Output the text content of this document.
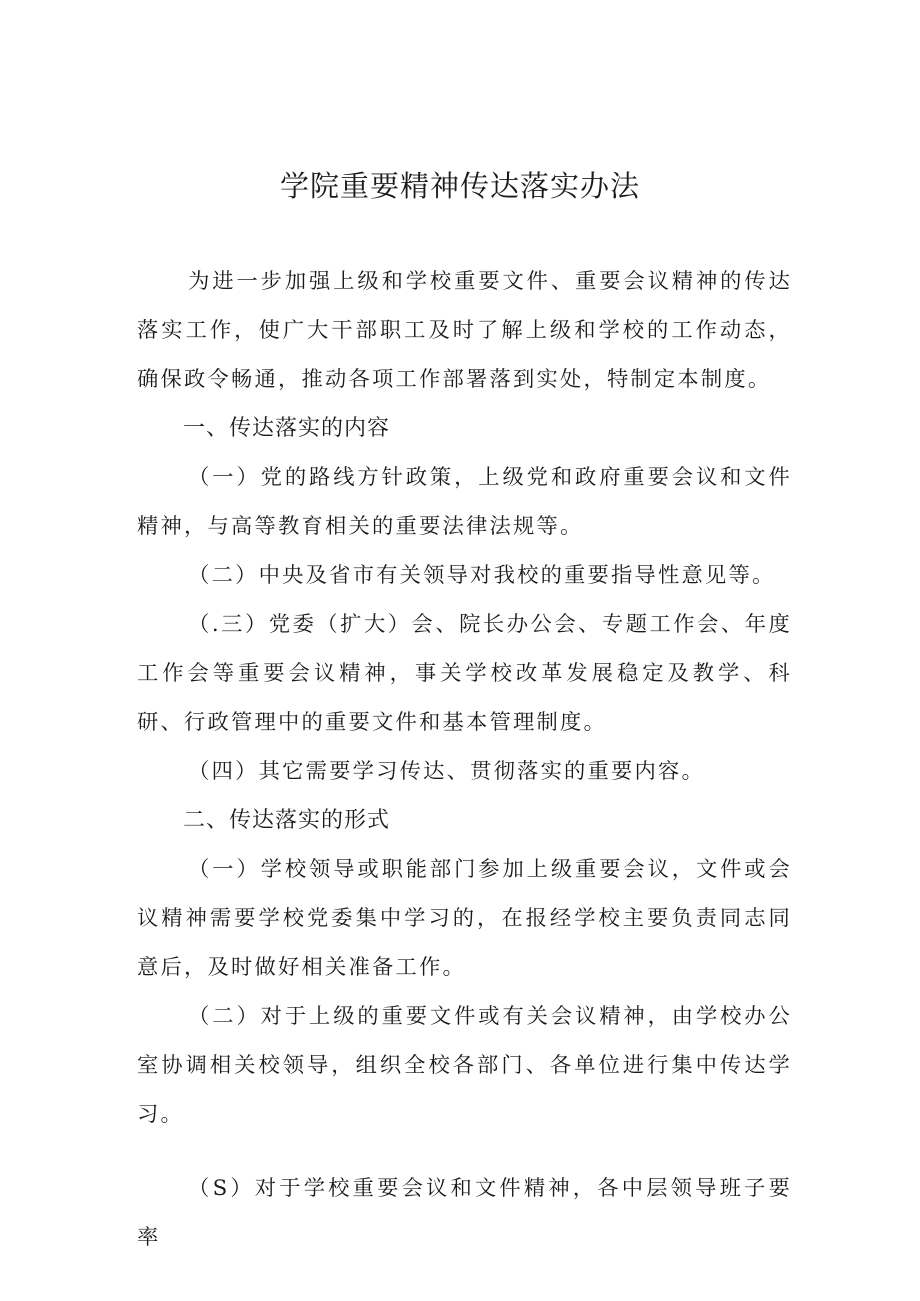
学院重要精神传达落实办法

为进一步加强上级和学校重要文件、重要会议精神的传达落实工作，使广大干部职工及时了解上级和学校的工作动态，确保政令畅通，推动各项工作部署落到实处，特制定本制度。

一、传达落实的内容

（一）党的路线方针政策，上级党和政府重要会议和文件精神，与高等教育相关的重要法律法规等。

（二）中央及省市有关领导对我校的重要指导性意见等。

（.三）党委（扩大）会、院长办公会、专题工作会、年度工作会等重要会议精神，事关学校改革发展稳定及教学、科研、行政管理中的重要文件和基本管理制度。

（四）其它需要学习传达、贯彻落实的重要内容。

二、传达落实的形式

（一）学校领导或职能部门参加上级重要会议，文件或会议精神需要学校党委集中学习的，在报经学校主要负责同志同意后，及时做好相关准备工作。

（二）对于上级的重要文件或有关会议精神，由学校办公室协调相关校领导，组织全校各部门、各单位进行集中传达学习。

（S）对于学校重要会议和文件精神，各中层领导班子要率
